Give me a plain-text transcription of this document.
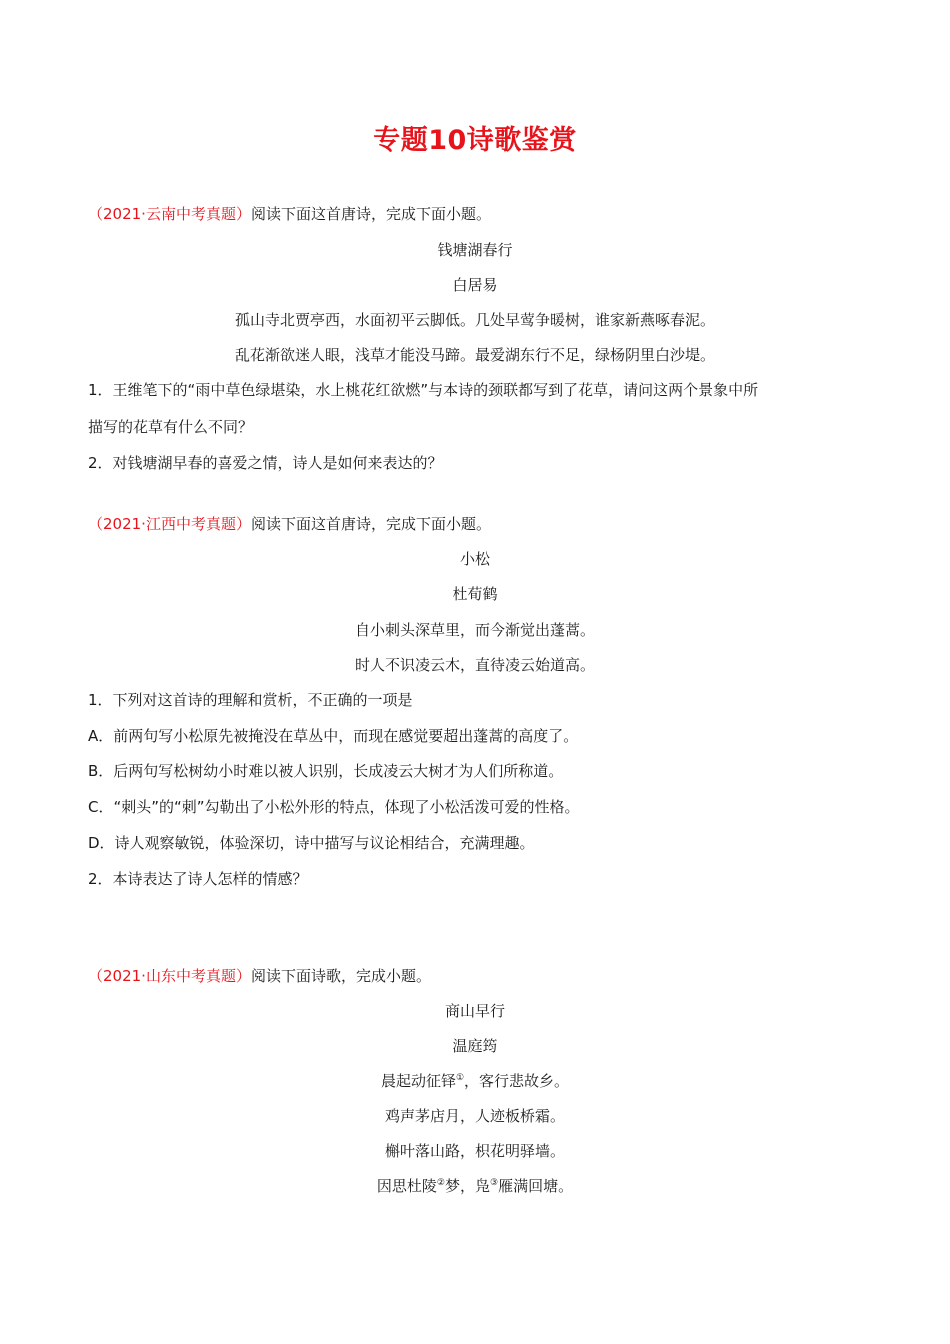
专题10诗歌鉴赏
（2021·云南中考真题）阅读下面这首唐诗，完成下面小题。
钱塘湖春行
白居易
孤山寺北贾亭西，水面初平云脚低。几处早莺争暖树，谁家新燕啄春泥。
乱花渐欲迷人眼，浅草才能没马蹄。最爱湖东行不足，绿杨阴里白沙堤。
1．王维笔下的“雨中草色绿堪染，水上桃花红欲燃”与本诗的颈联都写到了花草，请问这两个景象中所
描写的花草有什么不同？
2．对钱塘湖早春的喜爱之情，诗人是如何来表达的？
（2021·江西中考真题）阅读下面这首唐诗，完成下面小题。
小松
杜荀鹤
自小刺头深草里，而今渐觉出蓬蒿。
时人不识凌云木，直待凌云始道高。
1．下列对这首诗的理解和赏析，不正确的一项是
A．前两句写小松原先被掩没在草丛中，而现在感觉要超出蓬蒿的高度了。
B．后两句写松树幼小时难以被人识别，长成凌云大树才为人们所称道。
C．“刺头”的“刺”勾勒出了小松外形的特点，体现了小松活泼可爱的性格。
D．诗人观察敏锐，体验深切，诗中描写与议论相结合，充满理趣。
2．本诗表达了诗人怎样的情感？
（2021·山东中考真题）阅读下面诗歌，完成小题。
商山早行
温庭筠
晨起动征铎①，客行悲故乡。
鸡声茅店月，人迹板桥霜。
槲叶落山路，枳花明驿墙。
因思杜陵②梦，凫③雁满回塘。
